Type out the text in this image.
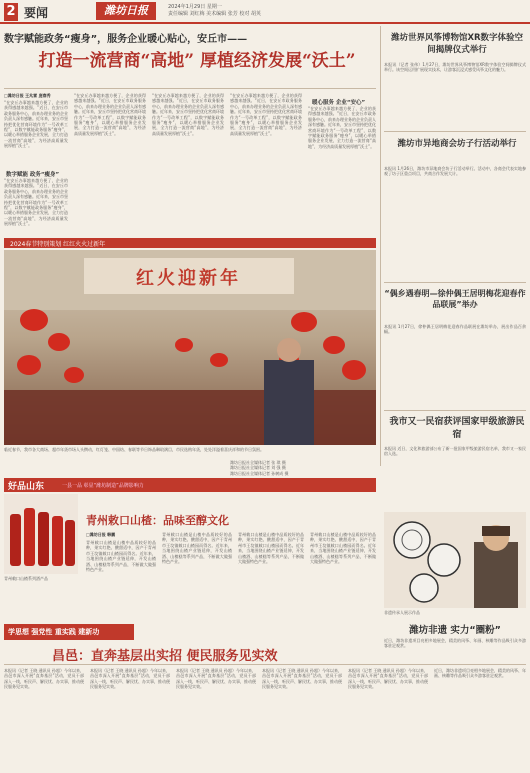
2 要闻	潍坊日报	2024年1月29日 星期一
责任编辑 刘红梅 美术编辑 张芳 校对 胡英
数字赋能政务“瘦身”，服务企业暖心贴心，安丘市——
打造一流营商“高地” 厚植经济发展“沃土”
□潍坊日报 王兆雷 庞春秀
“在安丘办事越来越方便了，企业的获得感越来越强。”近日，在安丘市政务服务中心，前来办理业务的企业负责人深有感触。近年来，安丘市坚持把优化营商环境作为“一号改革工程”，以数字赋能政务服务“瘦身”，以暖心举措服务企业发展，全力打造一流营商“高地”，为经济高质量发展厚植“沃土”。
数字赋能 政务“瘦身”
“在安丘办事越来越方便了，企业的获得感越来越强。”近日，在安丘市政务服务中心，前来办理业务的企业负责人深有感触。近年来，安丘市坚持把优化营商环境作为“一号改革工程”，以数字赋能政务服务“瘦身”，以暖心举措服务企业发展，全力打造一流营商“高地”，为经济高质量发展厚植“沃土”。
“在安丘办事越来越方便了，企业的获得感越来越强。”近日，在安丘市政务服务中心，前来办理业务的企业负责人深有感触。近年来，安丘市坚持把优化营商环境作为“一号改革工程”，以数字赋能政务服务“瘦身”，以暖心举措服务企业发展，全力打造一流营商“高地”，为经济高质量发展厚植“沃土”。
“在安丘办事越来越方便了，企业的获得感越来越强。”近日，在安丘市政务服务中心，前来办理业务的企业负责人深有感触。近年来，安丘市坚持把优化营商环境作为“一号改革工程”，以数字赋能政务服务“瘦身”，以暖心举措服务企业发展，全力打造一流营商“高地”，为经济高质量发展厚植“沃土”。
“在安丘办事越来越方便了，企业的获得感越来越强。”近日，在安丘市政务服务中心，前来办理业务的企业负责人深有感触。近年来，安丘市坚持把优化营商环境作为“一号改革工程”，以数字赋能政务服务“瘦身”，以暖心举措服务企业发展，全力打造一流营商“高地”，为经济高质量发展厚植“沃土”。
暖心服务 企业“安心”
“在安丘办事越来越方便了，企业的获得感越来越强。”近日，在安丘市政务服务中心，前来办理业务的企业负责人深有感触。近年来，安丘市坚持把优化营商环境作为“一号改革工程”，以数字赋能政务服务“瘦身”，以暖心举措服务企业发展，全力打造一流营商“高地”，为经济高质量发展厚植“沃土”。
潍坊世界风筝博物馆XR数字体验空间揭牌仪式举行
本报讯（记者 张伟）1月27日，潍坊世界风筝博物馆XR数字体验空间揭牌仪式举行。该空间运用扩展现实技术，让游客沉浸式感受风筝文化的魅力。
潍坊市异地商会坊子行活动举行
本报讯 1月26日，潍坊市异地商会坊子行活动举行。活动中，各商会代表实地参观了坊子区重点项目，共商合作发展大计。
“偶乡遇春明—徐仲偶王居明梅花迎春作品联展”举办
本报讯 1月27日，徐仲偶王居明梅花迎春作品联展在潍坊举办，展出作品百余幅。
我市又一民宿获评国家甲级旅游民宿
本报讯 近日，文化和旅游部公布了新一批国家甲级旅游民宿名单，我市又一家民宿入选。
2024春节特别策划 红红火火过新年
红火迎新年
临近春节，我市各大商场、超市年货市场人头攒动，红灯笼、中国结、春联等节日饰品琳琅满目，市民选购年货，处处洋溢着喜庆祥和的节日氛围。
潍坊日报社全媒体记者 张 琪 摄
潍坊日报社全媒体记者 刘 强 摄
潍坊日报社全媒体记者 孙树成 摄
好品山东	一县一品 彰显“潍坊制造”品牌影响力
青州敕口山楂系列酒产品
青州敕口山楂：品味至醇文化
□潍坊日报 韩鹏
青州敕口山楂是山楂中品质较好的品种，果实红艳、酸甜适中，因产于青州市王坟镇敕口山楂园而得名。近年来，当地围绕山楂产业链延伸，开发山楂酒、山楂糕等系列产品，不断做大做强特色产业。
青州敕口山楂是山楂中品质较好的品种，果实红艳、酸甜适中，因产于青州市王坟镇敕口山楂园而得名。近年来，当地围绕山楂产业链延伸，开发山楂酒、山楂糕等系列产品，不断做大做强特色产业。
青州敕口山楂是山楂中品质较好的品种，果实红艳、酸甜适中，因产于青州市王坟镇敕口山楂园而得名。近年来，当地围绕山楂产业链延伸，开发山楂酒、山楂糕等系列产品，不断做大做强特色产业。
青州敕口山楂是山楂中品质较好的品种，果实红艳、酸甜适中，因产于青州市王坟镇敕口山楂园而得名。近年来，当地围绕山楂产业链延伸，开发山楂酒、山楂糕等系列产品，不断做大做强特色产业。
非遗传承人展示作品
潍坊非遗 实力“圈粉”
近日，潍坊非遗项目亮相多地展会，精美的风筝、年画、核雕等作品吸引众多游客驻足观赏。
学思想 强党性 重实践 建新功
昌邑：直奔基层出实招 便民服务见实效
本报讯（记者 王晓 通讯员 孙超）今年以来，昌邑市深入开展“直奔基层”活动，党员干部深入一线，听民声、解民忧、办实事，推动便民服务见实效。
本报讯（记者 王晓 通讯员 孙超）今年以来，昌邑市深入开展“直奔基层”活动，党员干部深入一线，听民声、解民忧、办实事，推动便民服务见实效。
本报讯（记者 王晓 通讯员 孙超）今年以来，昌邑市深入开展“直奔基层”活动，党员干部深入一线，听民声、解民忧、办实事，推动便民服务见实效。
本报讯（记者 王晓 通讯员 孙超）今年以来，昌邑市深入开展“直奔基层”活动，党员干部深入一线，听民声、解民忧、办实事，推动便民服务见实效。
本报讯（记者 王晓 通讯员 孙超）今年以来，昌邑市深入开展“直奔基层”活动，党员干部深入一线，听民声、解民忧、办实事，推动便民服务见实效。
近日，潍坊非遗项目亮相多地展会，精美的风筝、年画、核雕等作品吸引众多游客驻足观赏。
